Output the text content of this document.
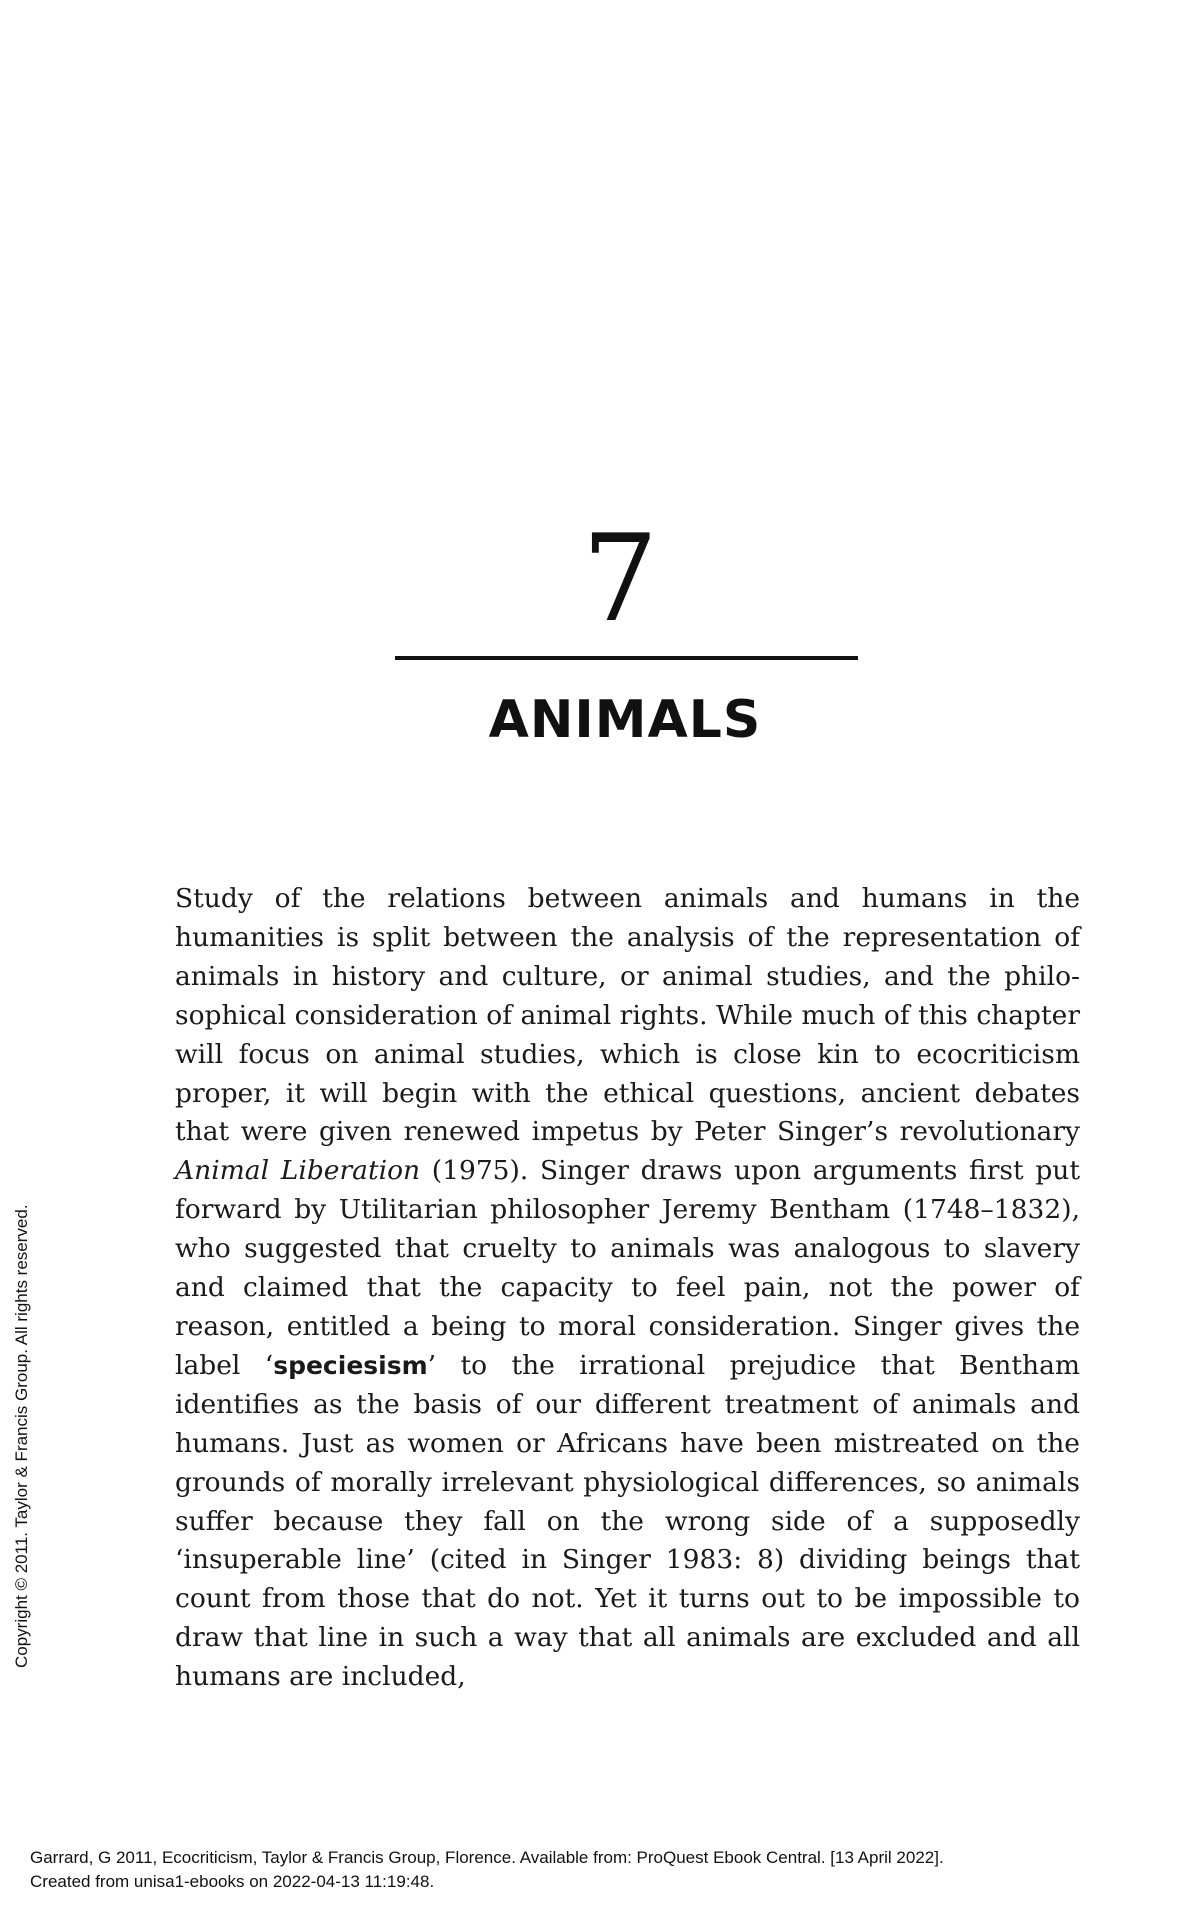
7
ANIMALS

Study of the relations between animals and humans in the humanities is split between the analysis of the representation of animals in history and culture, or animal studies, and the philosophical consideration of animal rights. While much of this chapter will focus on animal studies, which is close kin to ecocriticism proper, it will begin with the ethical questions, ancient debates that were given renewed impetus by Peter Singer’s revolutionary Animal Liberation (1975). Singer draws upon arguments first put forward by Utilitarian philosopher Jeremy Bentham (1748–1832), who suggested that cruelty to animals was analogous to slavery and claimed that the capacity to feel pain, not the power of reason, entitled a being to moral consideration. Singer gives the label ‘speciesism’ to the irrational prejudice that Bentham identifies as the basis of our different treatment of animals and humans. Just as women or Africans have been mistreated on the grounds of morally irrelevant physiological differences, so animals suffer because they fall on the wrong side of a supposedly ‘insuperable line’ (cited in Singer 1983: 8) dividing beings that count from those that do not. Yet it turns out to be impossible to draw that line in such a way that all animals are excluded and all humans are included,

Copyright © 2011. Taylor & Francis Group. All rights reserved.
Garrard, G 2011, Ecocriticism, Taylor & Francis Group, Florence. Available from: ProQuest Ebook Central. [13 April 2022].
Created from unisa1-ebooks on 2022-04-13 11:19:48.
